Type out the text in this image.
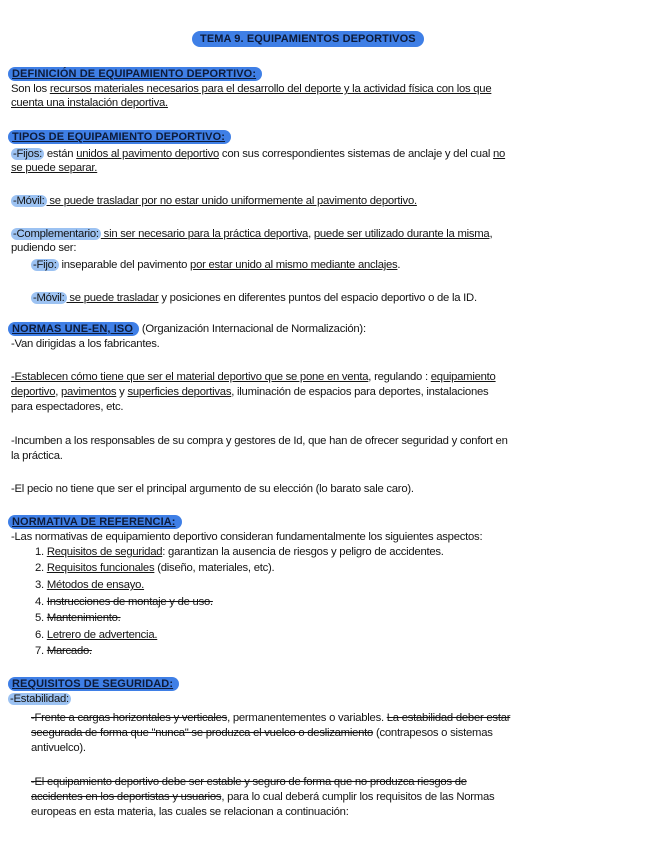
TEMA 9. EQUIPAMIENTOS DEPORTIVOS
DEFINICIÓN DE EQUIPAMIENTO DEPORTIVO:
Son los recursos materiales necesarios para el desarrollo del deporte y la actividad física con los que
cuenta una instalación deportiva.
TIPOS DE EQUIPAMIENTO DEPORTIVO:
-Fijos: están unidos al pavimento deportivo con sus correspondientes sistemas de anclaje y del cual no
se puede separar.
-Móvil: se puede trasladar por no estar unido uniformemente al pavimento deportivo.
-Complementario: sin ser necesario para la práctica deportiva, puede ser utilizado durante la misma,
pudiendo ser:
-Fijo: inseparable del pavimento por estar unido al mismo mediante anclajes.
-Móvil: se puede trasladar y posiciones en diferentes puntos del espacio deportivo o de la ID.
NORMAS UNE-EN, ISO (Organización Internacional de Normalización):
-Van dirigidas a los fabricantes.
-Establecen cómo tiene que ser el material deportivo que se pone en venta, regulando : equipamiento
deportivo, pavimentos y superficies deportivas, iluminación de espacios para deportes, instalaciones
para espectadores, etc.
-Incumben a los responsables de su compra y gestores de Id, que han de ofrecer seguridad y confort en
la práctica.
-El pecio no tiene que ser el principal argumento de su elección (lo barato sale caro).
NORMATIVA DE REFERENCIA:
-Las normativas de equipamiento deportivo consideran fundamentalmente los siguientes aspectos:
1. Requisitos de seguridad: garantizan la ausencia de riesgos y peligro de accidentes.
2. Requisitos funcionales (diseño, materiales, etc).
3. Métodos de ensayo.
4. Instrucciones de montaje y de uso.
5. Mantenimiento.
6. Letrero de advertencia.
7. Marcado.
REQUISITOS DE SEGURIDAD:
-Estabilidad:
-Frente a cargas horizontales y verticales, permanentementes o variables. La estabilidad deber estar
seegurada de forma que "nunca" se produzca el vuelco o deslizamiento (contrapesos o sistemas
antivuelco).
-El equipamiento deportivo debe ser estable y seguro de forma que no produzca riesgos de
accidentes en los deportistas y usuarios, para lo cual deberá cumplir los requisitos de las Normas
europeas en esta materia, las cuales se relacionan a continuación:
